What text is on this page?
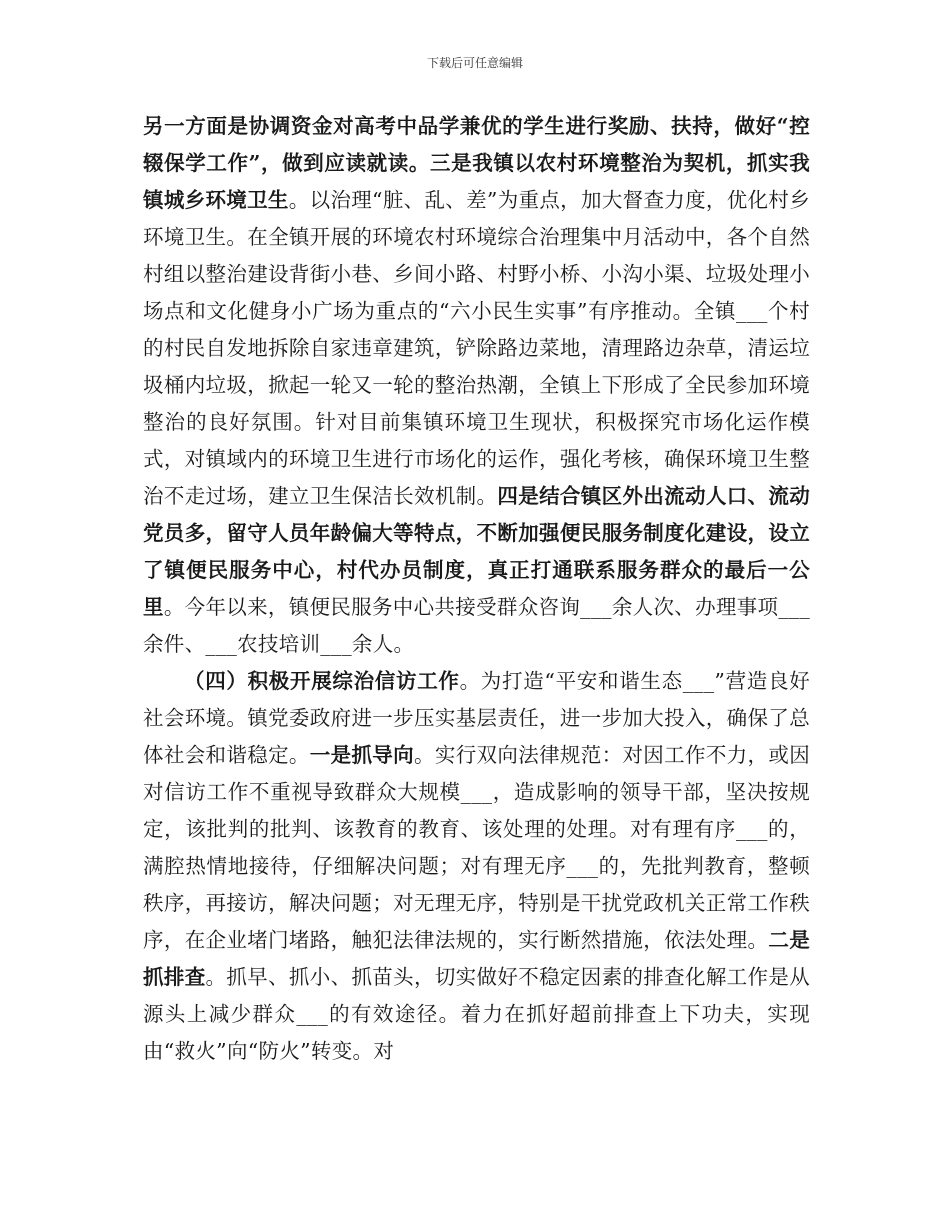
下载后可任意编辑

另一方面是协调资金对高考中品学兼优的学生进行奖励、扶持，做好“控辍保学工作”，做到应读就读。三是我镇以农村环境整治为契机，抓实我镇城乡环境卫生。以治理“脏、乱、差”为重点，加大督查力度，优化村乡环境卫生。在全镇开展的环境农村环境综合治理集中月活动中，各个自然村组以整治建设背街小巷、乡间小路、村野小桥、小沟小渠、垃圾处理小场点和文化健身小广场为重点的“六小民生实事”有序推动。全镇___个村的村民自发地拆除自家违章建筑，铲除路边菜地，清理路边杂草，清运垃圾桶内垃圾，掀起一轮又一轮的整治热潮，全镇上下形成了全民参加环境整治的良好氛围。针对目前集镇环境卫生现状，积极探究市场化运作模式，对镇域内的环境卫生进行市场化的运作，强化考核，确保环境卫生整治不走过场，建立卫生保洁长效机制。四是结合镇区外出流动人口、流动党员多，留守人员年龄偏大等特点，不断加强便民服务制度化建设，设立了镇便民服务中心，村代办员制度，真正打通联系服务群众的最后一公里。今年以来，镇便民服务中心共接受群众咨询___余人次、办理事项___余件、___农技培训___余人。

（四）积极开展综治信访工作。为打造“平安和谐生态___”营造良好社会环境。镇党委政府进一步压实基层责任，进一步加大投入，确保了总体社会和谐稳定。一是抓导向。实行双向法律规范：对因工作不力，或因对信访工作不重视导致群众大规模___，造成影响的领导干部，坚决按规定，该批判的批判、该教育的教育、该处理的处理。对有理有序___的，满腔热情地接待，仔细解决问题；对有理无序___的，先批判教育，整顿秩序，再接访，解决问题；对无理无序，特别是干扰党政机关正常工作秩序，在企业堵门堵路，触犯法律法规的，实行断然措施，依法处理。二是抓排查。抓早、抓小、抓苗头，切实做好不稳定因素的排查化解工作是从源头上减少群众___的有效途径。着力在抓好超前排查上下功夫，实现由“救火”向“防火”转变。对
